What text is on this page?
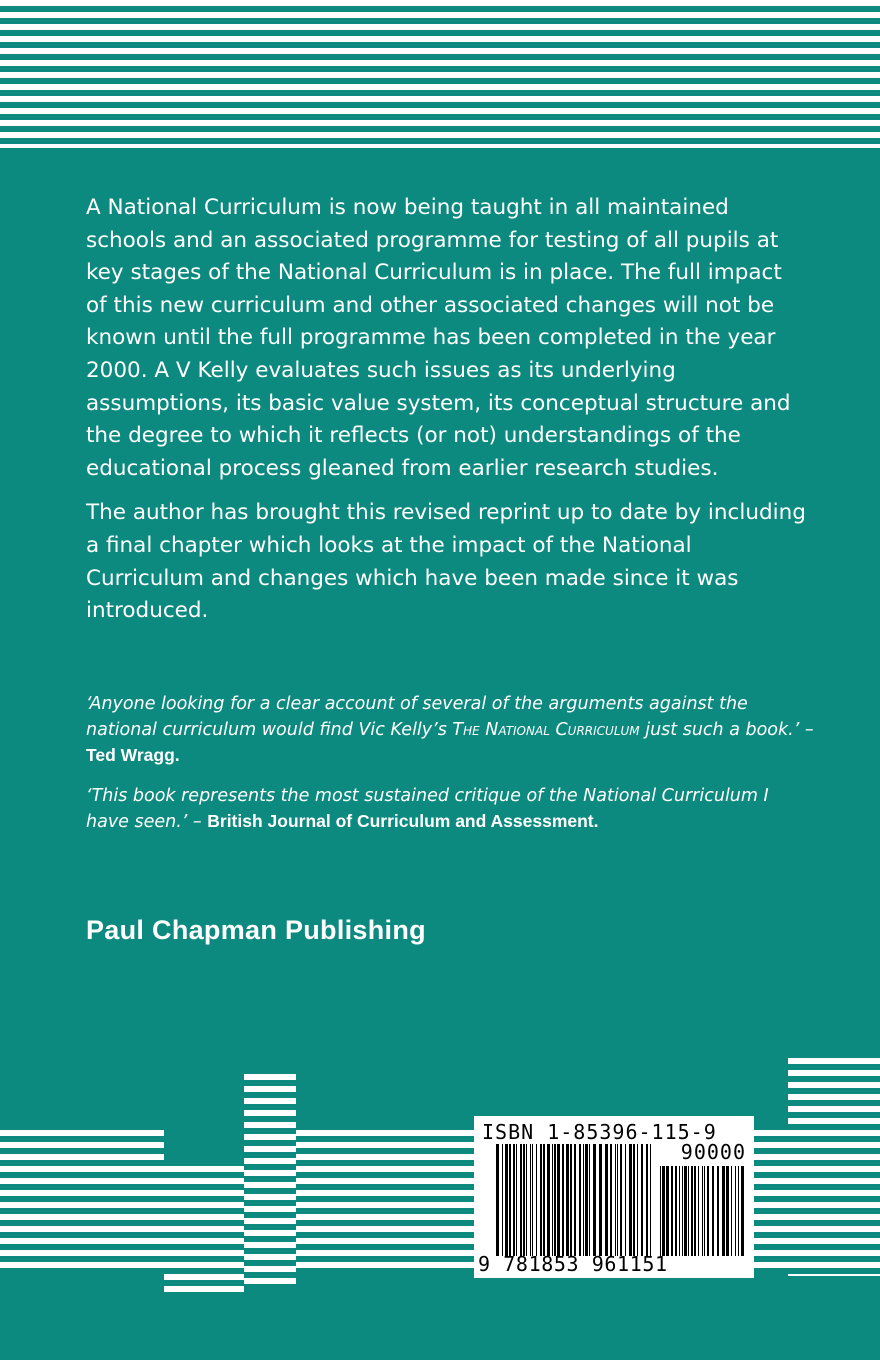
A National Curriculum is now being taught in all maintained schools and an associated programme for testing of all pupils at key stages of the National Curriculum is in place. The full impact of this new curriculum and other associated changes will not be known until the full programme has been completed in the year 2000. A V Kelly evaluates such issues as its underlying assumptions, its basic value system, its conceptual structure and the degree to which it reflects (or not) understandings of the educational process gleaned from earlier research studies.

The author has brought this revised reprint up to date by including a final chapter which looks at the impact of the National Curriculum and changes which have been made since it was introduced.

‘Anyone looking for a clear account of several of the arguments against the national curriculum would find Vic Kelly’s The National Curriculum just such a book.’ – Ted Wragg.
‘This book represents the most sustained critique of the National Curriculum I have seen.’ – British Journal of Curriculum and Assessment.
Paul Chapman Publishing
ISBN 1-85396-115-9
90000
9 781853 961151
